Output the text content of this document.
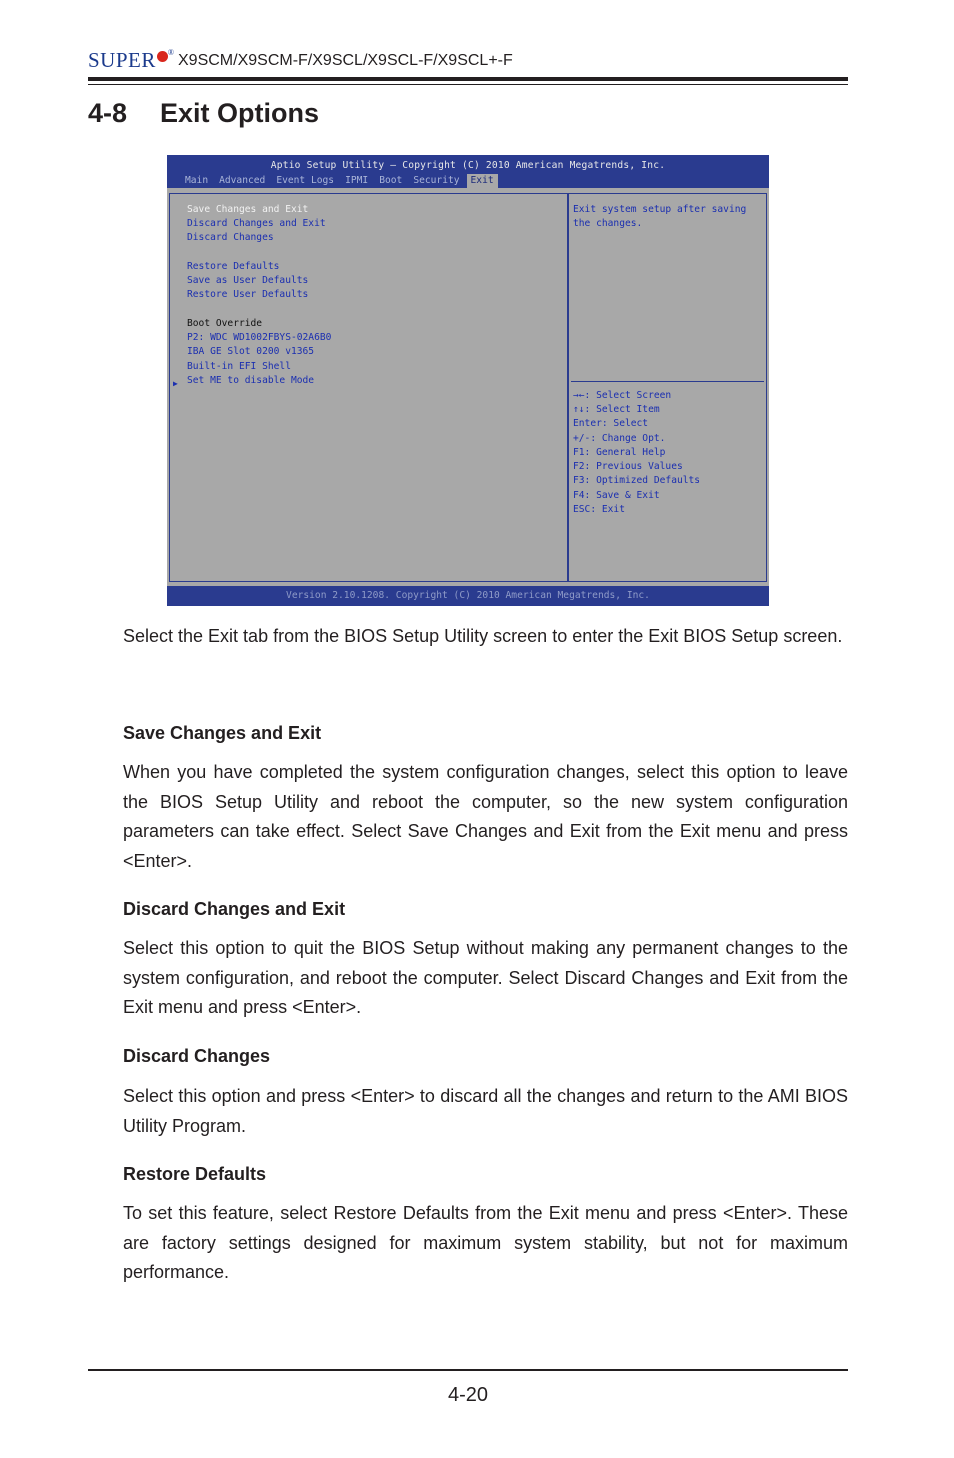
SUPER ® X9SCM/X9SCM-F/X9SCL/X9SCL-F/X9SCL+-F
4-8 Exit Options
Aptio Setup Utility – Copyright (C) 2010 American Megatrends, Inc.
Main Advanced Event Logs IPMI Boot Security	Exit
Save Changes and Exit
Discard Changes and Exit
Discard Changes
Restore Defaults
Save as User Defaults
Restore User Defaults
Boot Override
P2: WDC WD1002FBYS-02A6B0
IBA GE Slot 0200 v1365
Built-in EFI Shell
▶ Set ME to disable Mode
Exit system setup after saving
the changes.
→←: Select Screen
↑↓: Select Item
Enter: Select
+/-: Change Opt.
F1: General Help
F2: Previous Values
F3: Optimized Defaults
F4: Save & Exit
ESC: Exit
Version 2.10.1208. Copyright (C) 2010 American Megatrends, Inc.
Select the Exit tab from the BIOS Setup Utility screen to enter the Exit BIOS Setup screen.
Save Changes and Exit
When you have completed the system configuration changes, select this option to leave the BIOS Setup Utility and reboot the computer, so the new system configuration parameters can take effect. Select Save Changes and Exit from the Exit menu and press <Enter>.
Discard Changes and Exit
Select this option to quit the BIOS Setup without making any permanent changes to the system configuration, and reboot the computer. Select Discard Changes and Exit from the Exit menu and press <Enter>.
Discard Changes
Select this option and press <Enter> to discard all the changes and return to the AMI BIOS Utility Program.
Restore Defaults
To set this feature, select Restore Defaults from the Exit menu and press <Enter>. These are factory settings designed for maximum system stability, but not for maximum performance.
4-20
